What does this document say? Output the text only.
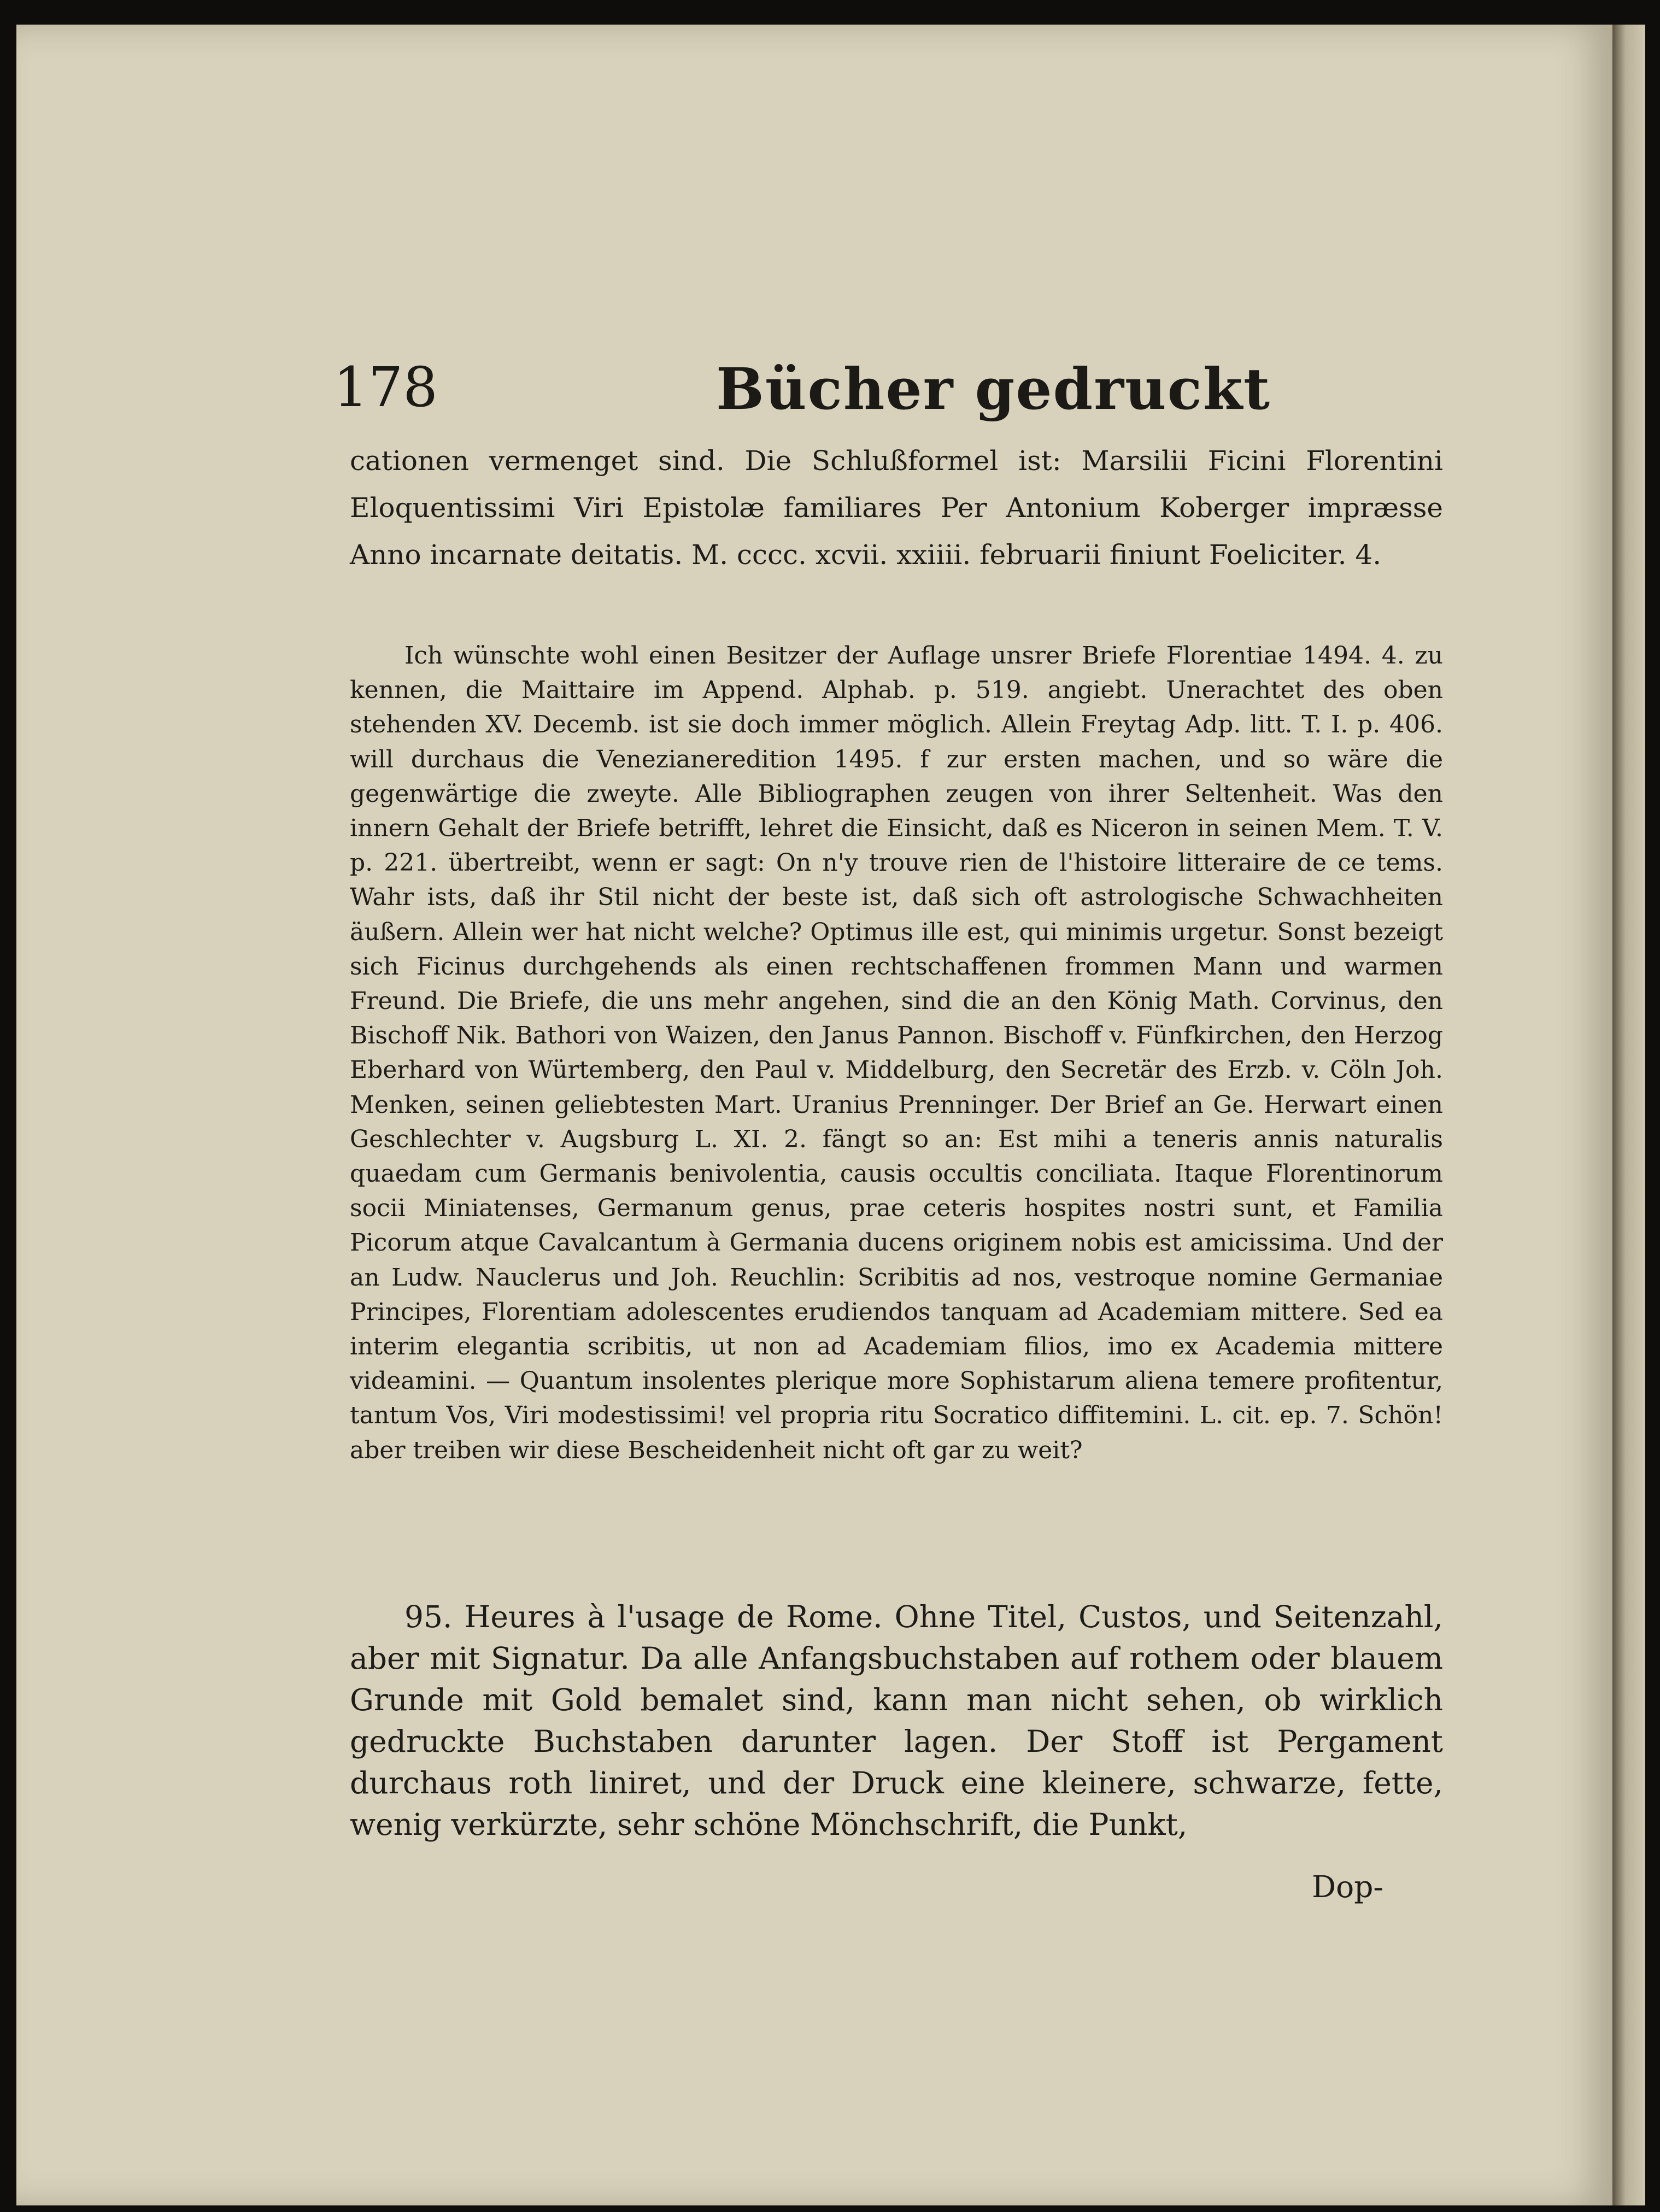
178	Bücher gedruckt
cationen vermenget sind. Die Schlußformel ist: Marsilii Ficini Florentini Eloquentissimi Viri Epistolæ familiares Per Antonium Koberger impræsse Anno incarnate deitatis. M. cccc. xcvii. xxiiii. februarii finiunt Foeliciter. 4.
Ich wünschte wohl einen Besitzer der Auflage unsrer Briefe Florentiae 1494. 4. zu kennen, die Maittaire im Append. Alphab. p. 519. angiebt. Unerachtet des oben stehenden XV. Decemb. ist sie doch immer möglich. Allein Freytag Adp. litt. T. I. p. 406. will durchaus die Venezianeredition 1495. f zur ersten machen, und so wäre die gegenwärtige die zweyte. Alle Bibliographen zeugen von ihrer Seltenheit. Was den innern Gehalt der Briefe betrifft, lehret die Einsicht, daß es Niceron in seinen Mem. T. V. p. 221. übertreibt, wenn er sagt: On n'y trouve rien de l'histoire litteraire de ce tems. Wahr ists, daß ihr Stil nicht der beste ist, daß sich oft astrologische Schwachheiten äußern. Allein wer hat nicht welche? Optimus ille est, qui minimis urgetur. Sonst bezeigt sich Ficinus durchgehends als einen rechtschaffenen frommen Mann und warmen Freund. Die Briefe, die uns mehr angehen, sind die an den König Math. Corvinus, den Bischoff Nik. Bathori von Waizen, den Janus Pannon. Bischoff v. Fünfkirchen, den Herzog Eberhard von Würtemberg, den Paul v. Middelburg, den Secretär des Erzb. v. Cöln Joh. Menken, seinen geliebtesten Mart. Uranius Prenninger. Der Brief an Ge. Herwart einen Geschlechter v. Augsburg L. XI. 2. fängt so an: Est mihi a teneris annis naturalis quaedam cum Germanis benivolentia, causis occultis conciliata. Itaque Florentinorum socii Miniatenses, Germanum genus, prae ceteris hospites nostri sunt, et Familia Picorum atque Cavalcantum à Germania ducens originem nobis est amicissima. Und der an Ludw. Nauclerus und Joh. Reuchlin: Scribitis ad nos, vestroque nomine Germaniae Principes, Florentiam adolescentes erudiendos tanquam ad Academiam mittere. Sed ea interim elegantia scribitis, ut non ad Academiam filios, imo ex Academia mittere videamini. — Quantum insolentes plerique more Sophistarum aliena temere profitentur, tantum Vos, Viri modestissimi! vel propria ritu Socratico diffitemini. L. cit. ep. 7. Schön! aber treiben wir diese Bescheidenheit nicht oft gar zu weit?
95. Heures à l'usage de Rome. Ohne Titel, Custos, und Seitenzahl, aber mit Signatur. Da alle Anfangsbuchstaben auf rothem oder blauem Grunde mit Gold bemalet sind, kann man nicht sehen, ob wirklich gedruckte Buchstaben darunter lagen. Der Stoff ist Pergament durchaus roth liniret, und der Druck eine kleinere, schwarze, fette, wenig verkürzte, sehr schöne Mönchschrift, die Punkt,
Dop-
